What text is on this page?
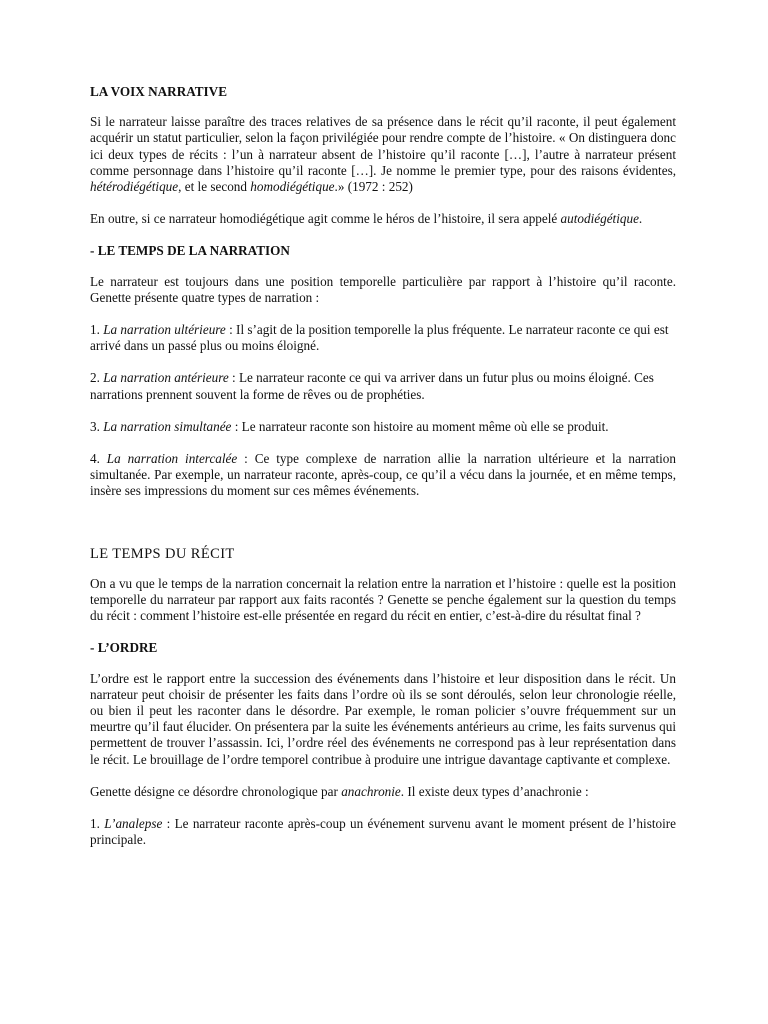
LA VOIX NARRATIVE

Si le narrateur laisse paraître des traces relatives de sa présence dans le récit qu’il raconte, il peut également acquérir un statut particulier, selon la façon privilégiée pour rendre compte de l’histoire. « On distinguera donc ici deux types de récits : l’un à narrateur absent de l’histoire qu’il raconte […], l’autre à narrateur présent comme personnage dans l’histoire qu’il raconte […]. Je nomme le premier type, pour des raisons évidentes, hétérodiégétique, et le second homodiégétique.» (1972 : 252)

En outre, si ce narrateur homodiégétique agit comme le héros de l’histoire, il sera appelé autodiégétique.

- LE TEMPS DE LA NARRATION

Le narrateur est toujours dans une position temporelle particulière par rapport à l’histoire qu’il raconte. Genette présente quatre types de narration :

1. La narration ultérieure : Il s’agit de la position temporelle la plus fréquente. Le narrateur raconte ce qui est arrivé dans un passé plus ou moins éloigné.

2. La narration antérieure : Le narrateur raconte ce qui va arriver dans un futur plus ou moins éloigné. Ces narrations prennent souvent la forme de rêves ou de prophéties.

3. La narration simultanée : Le narrateur raconte son histoire au moment même où elle se produit.

4. La narration intercalée : Ce type complexe de narration allie la narration ultérieure et la narration simultanée. Par exemple, un narrateur raconte, après-coup, ce qu’il a vécu dans la journée, et en même temps, insère ses impressions du moment sur ces mêmes événements.

LE TEMPS DU RÉCIT

On a vu que le temps de la narration concernait la relation entre la narration et l’histoire : quelle est la position temporelle du narrateur par rapport aux faits racontés ? Genette se penche également sur la question du temps du récit : comment l’histoire est-elle présentée en regard du récit en entier, c’est-à-dire du résultat final ?

- L’ORDRE

L’ordre est le rapport entre la succession des événements dans l’histoire et leur disposition dans le récit. Un narrateur peut choisir de présenter les faits dans l’ordre où ils se sont déroulés, selon leur chronologie réelle, ou bien il peut les raconter dans le désordre. Par exemple, le roman policier s’ouvre fréquemment sur un meurtre qu’il faut élucider. On présentera par la suite les événements antérieurs au crime, les faits survenus qui permettent de trouver l’assassin. Ici, l’ordre réel des événements ne correspond pas à leur représentation dans le récit. Le brouillage de l’ordre temporel contribue à produire une intrigue davantage captivante et complexe.

Genette désigne ce désordre chronologique par anachronie. Il existe deux types d’anachronie :

1. L’analepse : Le narrateur raconte après-coup un événement survenu avant le moment présent de l’histoire principale.
